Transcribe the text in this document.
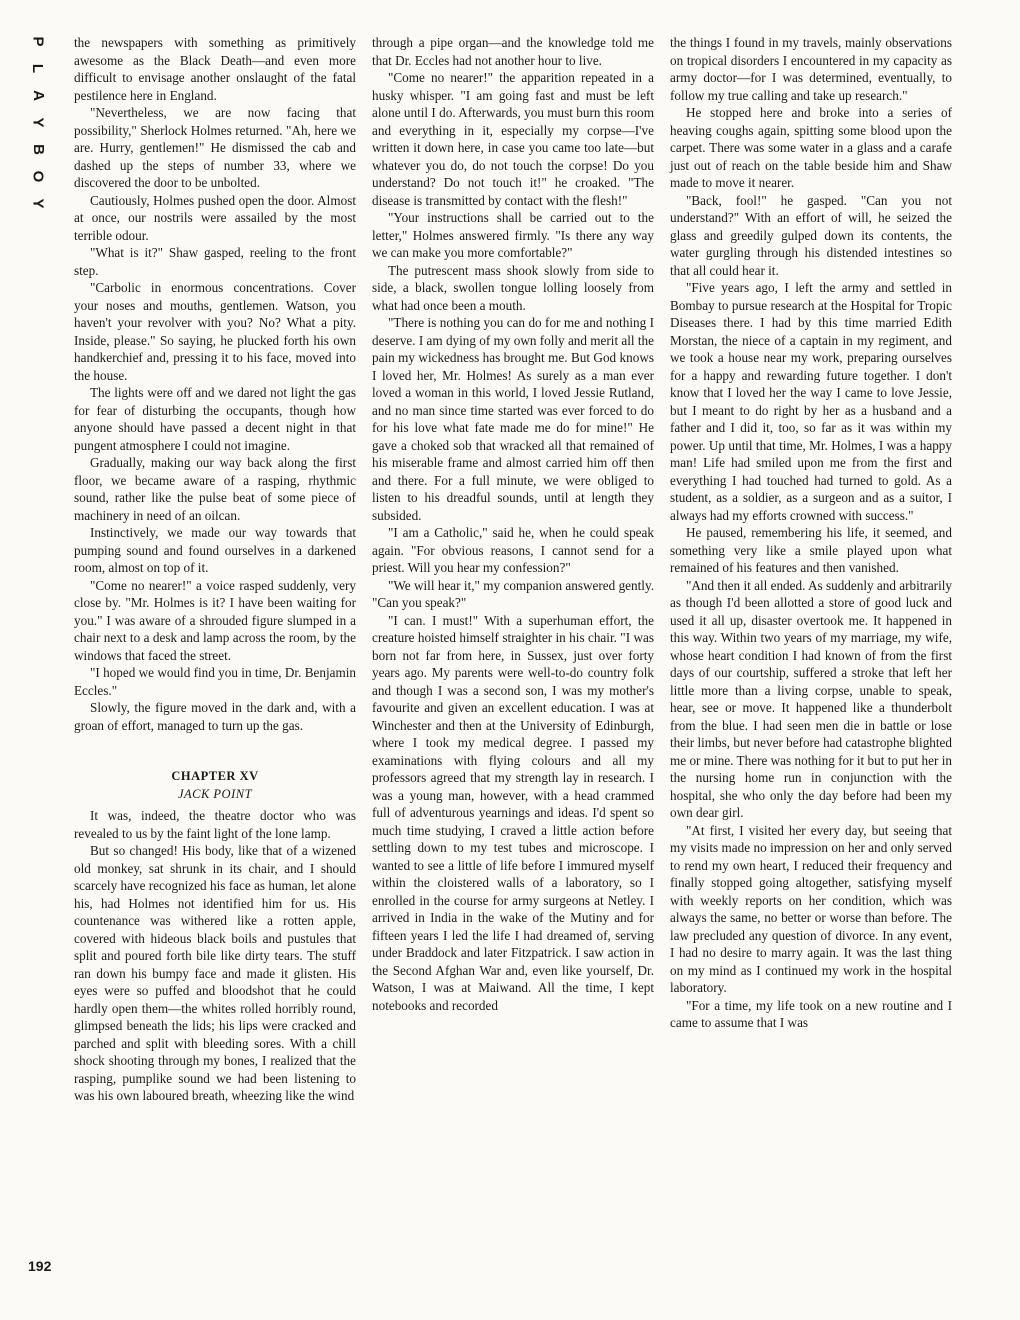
P
L
A
Y
B
O
Y
192

the newspapers with something as primitively awesome as the Black Death—and even more difficult to envisage another onslaught of the fatal pestilence here in England.

"Nevertheless, we are now facing that possibility," Sherlock Holmes returned. "Ah, here we are. Hurry, gentlemen!" He dismissed the cab and dashed up the steps of number 33, where we discovered the door to be unbolted.

Cautiously, Holmes pushed open the door. Almost at once, our nostrils were assailed by the most terrible odour.

"What is it?" Shaw gasped, reeling to the front step.

"Carbolic in enormous concentrations. Cover your noses and mouths, gentlemen. Watson, you haven't your revolver with you? No? What a pity. Inside, please." So saying, he plucked forth his own handkerchief and, pressing it to his face, moved into the house.

The lights were off and we dared not light the gas for fear of disturbing the occupants, though how anyone should have passed a decent night in that pungent atmosphere I could not imagine.

Gradually, making our way back along the first floor, we became aware of a rasping, rhythmic sound, rather like the pulse beat of some piece of machinery in need of an oilcan.

Instinctively, we made our way towards that pumping sound and found ourselves in a darkened room, almost on top of it.

"Come no nearer!" a voice rasped suddenly, very close by. "Mr. Holmes is it? I have been waiting for you." I was aware of a shrouded figure slumped in a chair next to a desk and lamp across the room, by the windows that faced the street.

"I hoped we would find you in time, Dr. Benjamin Eccles."

Slowly, the figure moved in the dark and, with a groan of effort, managed to turn up the gas.

CHAPTER XV
JACK POINT

It was, indeed, the theatre doctor who was revealed to us by the faint light of the lone lamp.

But so changed! His body, like that of a wizened old monkey, sat shrunk in its chair, and I should scarcely have recognized his face as human, let alone his, had Holmes not identified him for us. His countenance was withered like a rotten apple, covered with hideous black boils and pustules that split and poured forth bile like dirty tears. The stuff ran down his bumpy face and made it glisten. His eyes were so puffed and bloodshot that he could hardly open them—the whites rolled horribly round, glimpsed beneath the lids; his lips were cracked and parched and split with bleeding sores. With a chill shock shooting through my bones, I realized that the rasping, pumplike sound we had been listening to was his own laboured breath, wheezing like the wind

through a pipe organ—and the knowledge told me that Dr. Eccles had not another hour to live.

"Come no nearer!" the apparition repeated in a husky whisper. "I am going fast and must be left alone until I do. Afterwards, you must burn this room and everything in it, especially my corpse—I've written it down here, in case you came too late—but whatever you do, do not touch the corpse! Do you understand? Do not touch it!" he croaked. "The disease is transmitted by contact with the flesh!"

"Your instructions shall be carried out to the letter," Holmes answered firmly. "Is there any way we can make you more comfortable?"

The putrescent mass shook slowly from side to side, a black, swollen tongue lolling loosely from what had once been a mouth.

"There is nothing you can do for me and nothing I deserve. I am dying of my own folly and merit all the pain my wickedness has brought me. But God knows I loved her, Mr. Holmes! As surely as a man ever loved a woman in this world, I loved Jessie Rutland, and no man since time started was ever forced to do for his love what fate made me do for mine!" He gave a choked sob that wracked all that remained of his miserable frame and almost carried him off then and there. For a full minute, we were obliged to listen to his dreadful sounds, until at length they subsided.

"I am a Catholic," said he, when he could speak again. "For obvious reasons, I cannot send for a priest. Will you hear my confession?"

"We will hear it," my companion answered gently. "Can you speak?"

"I can. I must!" With a superhuman effort, the creature hoisted himself straighter in his chair. "I was born not far from here, in Sussex, just over forty years ago. My parents were well-to-do country folk and though I was a second son, I was my mother's favourite and given an excellent education. I was at Winchester and then at the University of Edinburgh, where I took my medical degree. I passed my examinations with flying colours and all my professors agreed that my strength lay in research. I was a young man, however, with a head crammed full of adventurous yearnings and ideas. I'd spent so much time studying, I craved a little action before settling down to my test tubes and microscope. I wanted to see a little of life before I immured myself within the cloistered walls of a laboratory, so I enrolled in the course for army surgeons at Netley. I arrived in India in the wake of the Mutiny and for fifteen years I led the life I had dreamed of, serving under Braddock and later Fitzpatrick. I saw action in the Second Afghan War and, even like yourself, Dr. Watson, I was at Maiwand. All the time, I kept notebooks and recorded

the things I found in my travels, mainly observations on tropical disorders I encountered in my capacity as army doctor—for I was determined, eventually, to follow my true calling and take up research."

He stopped here and broke into a series of heaving coughs again, spitting some blood upon the carpet. There was some water in a glass and a carafe just out of reach on the table beside him and Shaw made to move it nearer.

"Back, fool!" he gasped. "Can you not understand?" With an effort of will, he seized the glass and greedily gulped down its contents, the water gurgling through his distended intestines so that all could hear it.

"Five years ago, I left the army and settled in Bombay to pursue research at the Hospital for Tropic Diseases there. I had by this time married Edith Morstan, the niece of a captain in my regiment, and we took a house near my work, preparing ourselves for a happy and rewarding future together. I don't know that I loved her the way I came to love Jessie, but I meant to do right by her as a husband and a father and I did it, too, so far as it was within my power. Up until that time, Mr. Holmes, I was a happy man! Life had smiled upon me from the first and everything I had touched had turned to gold. As a student, as a soldier, as a surgeon and as a suitor, I always had my efforts crowned with success."

He paused, remembering his life, it seemed, and something very like a smile played upon what remained of his features and then vanished.

"And then it all ended. As suddenly and arbitrarily as though I'd been allotted a store of good luck and used it all up, disaster overtook me. It happened in this way. Within two years of my marriage, my wife, whose heart condition I had known of from the first days of our courtship, suffered a stroke that left her little more than a living corpse, unable to speak, hear, see or move. It happened like a thunderbolt from the blue. I had seen men die in battle or lose their limbs, but never before had catastrophe blighted me or mine. There was nothing for it but to put her in the nursing home run in conjunction with the hospital, she who only the day before had been my own dear girl.

"At first, I visited her every day, but seeing that my visits made no impression on her and only served to rend my own heart, I reduced their frequency and finally stopped going altogether, satisfying myself with weekly reports on her condition, which was always the same, no better or worse than before. The law precluded any question of divorce. In any event, I had no desire to marry again. It was the last thing on my mind as I continued my work in the hospital laboratory.

"For a time, my life took on a new routine and I came to assume that I was
